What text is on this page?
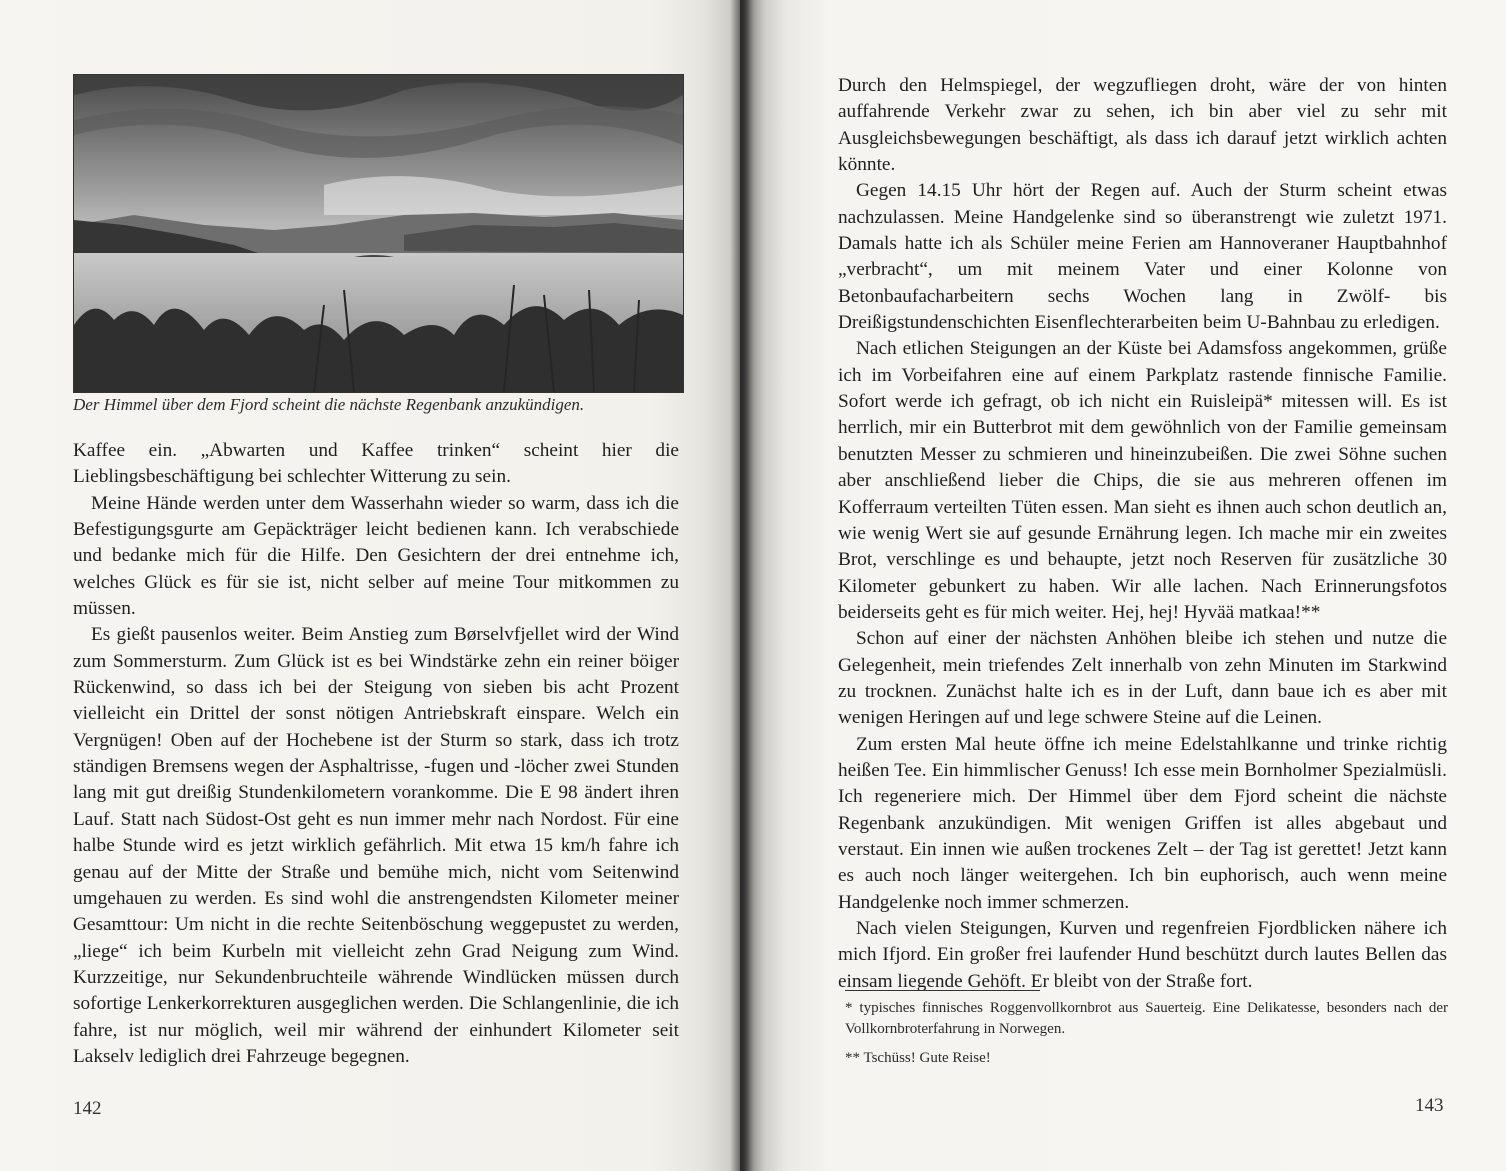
Der Himmel über dem Fjord scheint die nächste Regenbank anzukündigen.

Kaffee ein. „Abwarten und Kaffee trinken“ scheint hier die Lieblingsbeschäftigung bei schlechter Witterung zu sein.

Meine Hände werden unter dem Wasserhahn wieder so warm, dass ich die Befestigungsgurte am Gepäckträger leicht bedienen kann. Ich verabschiede und bedanke mich für die Hilfe. Den Gesichtern der drei entnehme ich, welches Glück es für sie ist, nicht selber auf meine Tour mitkommen zu müssen.

Es gießt pausenlos weiter. Beim Anstieg zum Børselvfjellet wird der Wind zum Sommersturm. Zum Glück ist es bei Windstärke zehn ein reiner böiger Rückenwind, so dass ich bei der Steigung von sieben bis acht Prozent vielleicht ein Drittel der sonst nötigen Antriebskraft einspare. Welch ein Vergnügen! Oben auf der Hochebene ist der Sturm so stark, dass ich trotz ständigen Bremsens wegen der Asphaltrisse, -fugen und -löcher zwei Stunden lang mit gut dreißig Stundenkilometern vorankomme. Die E 98 ändert ihren Lauf. Statt nach Südost-Ost geht es nun immer mehr nach Nordost. Für eine halbe Stunde wird es jetzt wirklich gefährlich. Mit etwa 15 km/h fahre ich genau auf der Mitte der Straße und bemühe mich, nicht vom Seitenwind umgehauen zu werden. Es sind wohl die anstrengendsten Kilometer meiner Gesamttour: Um nicht in die rechte Seitenböschung weggepustet zu werden, „liege“ ich beim Kurbeln mit vielleicht zehn Grad Neigung zum Wind. Kurzzeitige, nur Sekundenbruchteile währende Windlücken müssen durch sofortige Lenkerkorrekturen ausgeglichen werden. Die Schlangenlinie, die ich fahre, ist nur möglich, weil mir während der einhundert Kilometer seit Lakselv lediglich drei Fahrzeuge begegnen.

142

Durch den Helmspiegel, der wegzufliegen droht, wäre der von hinten auffahrende Verkehr zwar zu sehen, ich bin aber viel zu sehr mit Ausgleichsbewegungen beschäftigt, als dass ich darauf jetzt wirklich achten könnte.

Gegen 14.15 Uhr hört der Regen auf. Auch der Sturm scheint etwas nachzulassen. Meine Handgelenke sind so überanstrengt wie zuletzt 1971. Damals hatte ich als Schüler meine Ferien am Hannoveraner Hauptbahnhof „verbracht“, um mit meinem Vater und einer Kolonne von Betonbaufacharbeitern sechs Wochen lang in Zwölf- bis Dreißigstundenschichten Eisenflechterarbeiten beim U-Bahnbau zu erledigen.

Nach etlichen Steigungen an der Küste bei Adamsfoss angekommen, grüße ich im Vorbeifahren eine auf einem Parkplatz rastende finnische Familie. Sofort werde ich gefragt, ob ich nicht ein Ruisleipä* mitessen will. Es ist herrlich, mir ein Butterbrot mit dem gewöhnlich von der Familie gemeinsam benutzten Messer zu schmieren und hineinzubeißen. Die zwei Söhne suchen aber anschließend lieber die Chips, die sie aus mehreren offenen im Kofferraum verteilten Tüten essen. Man sieht es ihnen auch schon deutlich an, wie wenig Wert sie auf gesunde Ernährung legen. Ich mache mir ein zweites Brot, verschlinge es und behaupte, jetzt noch Reserven für zusätzliche 30 Kilometer gebunkert zu haben. Wir alle lachen. Nach Erinnerungsfotos beiderseits geht es für mich weiter. Hej, hej! Hyvää matkaa!**

Schon auf einer der nächsten Anhöhen bleibe ich stehen und nutze die Gelegenheit, mein triefendes Zelt innerhalb von zehn Minuten im Starkwind zu trocknen. Zunächst halte ich es in der Luft, dann baue ich es aber mit wenigen Heringen auf und lege schwere Steine auf die Leinen.

Zum ersten Mal heute öffne ich meine Edelstahlkanne und trinke richtig heißen Tee. Ein himmlischer Genuss! Ich esse mein Bornholmer Spezialmüsli. Ich regeneriere mich. Der Himmel über dem Fjord scheint die nächste Regenbank anzukündigen. Mit wenigen Griffen ist alles abgebaut und verstaut. Ein innen wie außen trockenes Zelt – der Tag ist gerettet! Jetzt kann es auch noch länger weitergehen. Ich bin euphorisch, auch wenn meine Handgelenke noch immer schmerzen.

Nach vielen Steigungen, Kurven und regenfreien Fjordblicken nähere ich mich Ifjord. Ein großer frei laufender Hund beschützt durch lautes Bellen das einsam liegende Gehöft. Er bleibt von der Straße fort.

* typisches finnisches Roggenvollkornbrot aus Sauerteig. Eine Delikatesse, besonders nach der Vollkornbroterfahrung in Norwegen.

** Tschüss! Gute Reise!

143
